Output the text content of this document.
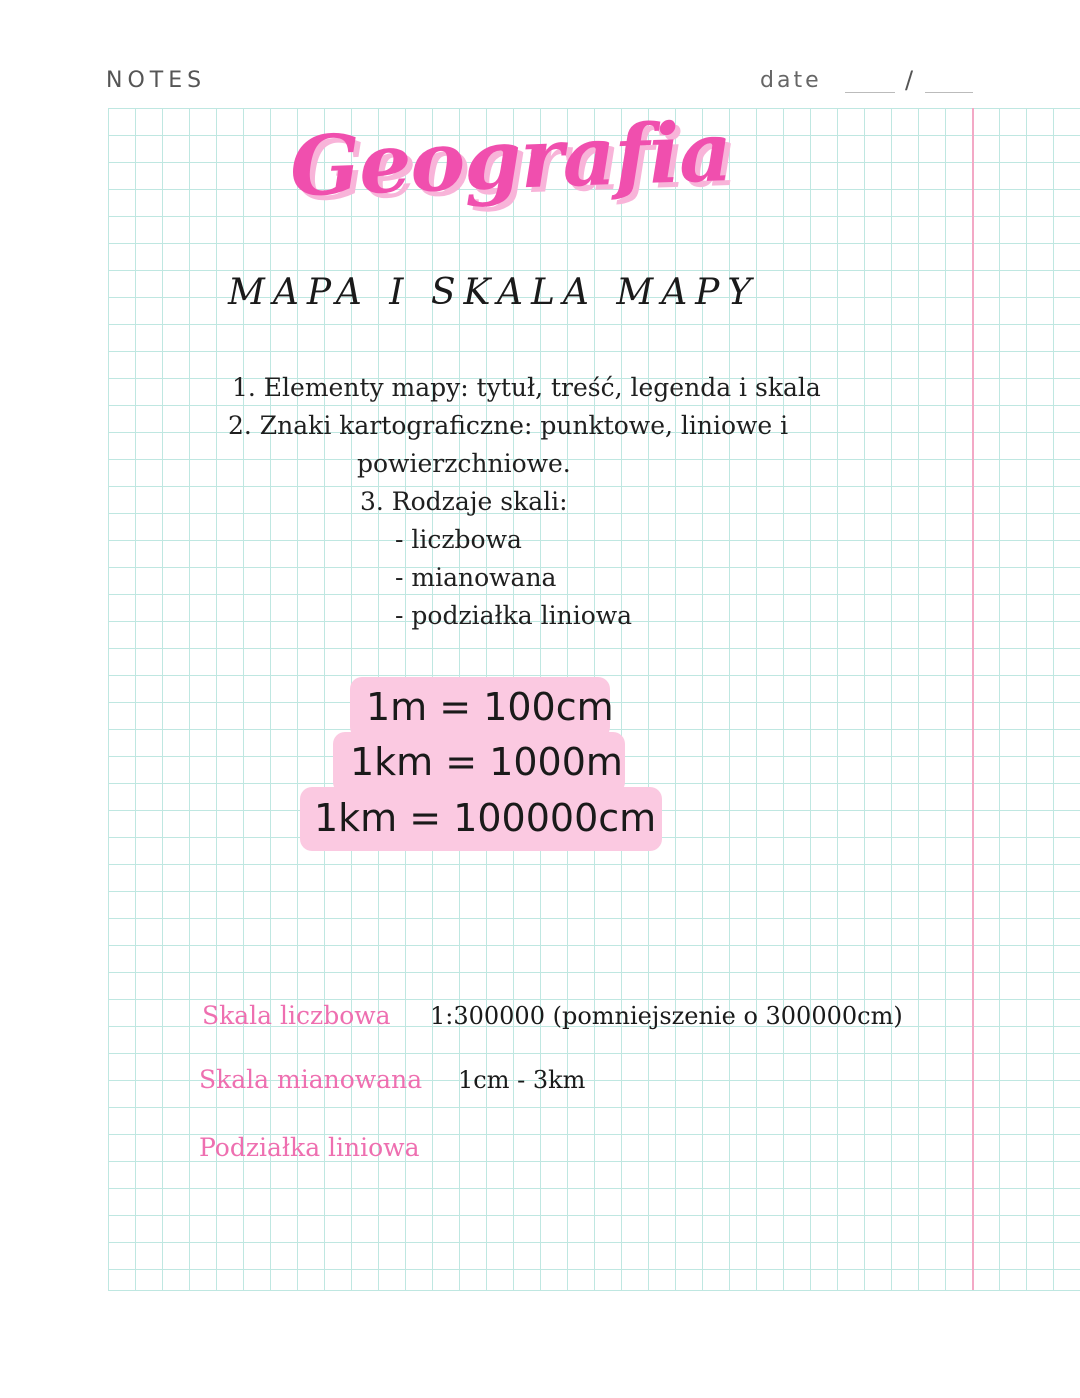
NOTES	date	/
Geografia
MAPA I SKALA MAPY
1. Elementy mapy: tytuł, treść, legenda i skala
2. Znaki kartograficzne: punktowe, liniowe i
powierzchniowe.
3. Rodzaje skali:
- liczbowa
- mianowana
- podziałka liniowa
1m = 100cm
1km = 1000m
1km = 100000cm
Skala liczbowa 1:300000 (pomniejszenie o 300000cm)
Skala mianowana 1cm - 3km
Podziałka liniowa
